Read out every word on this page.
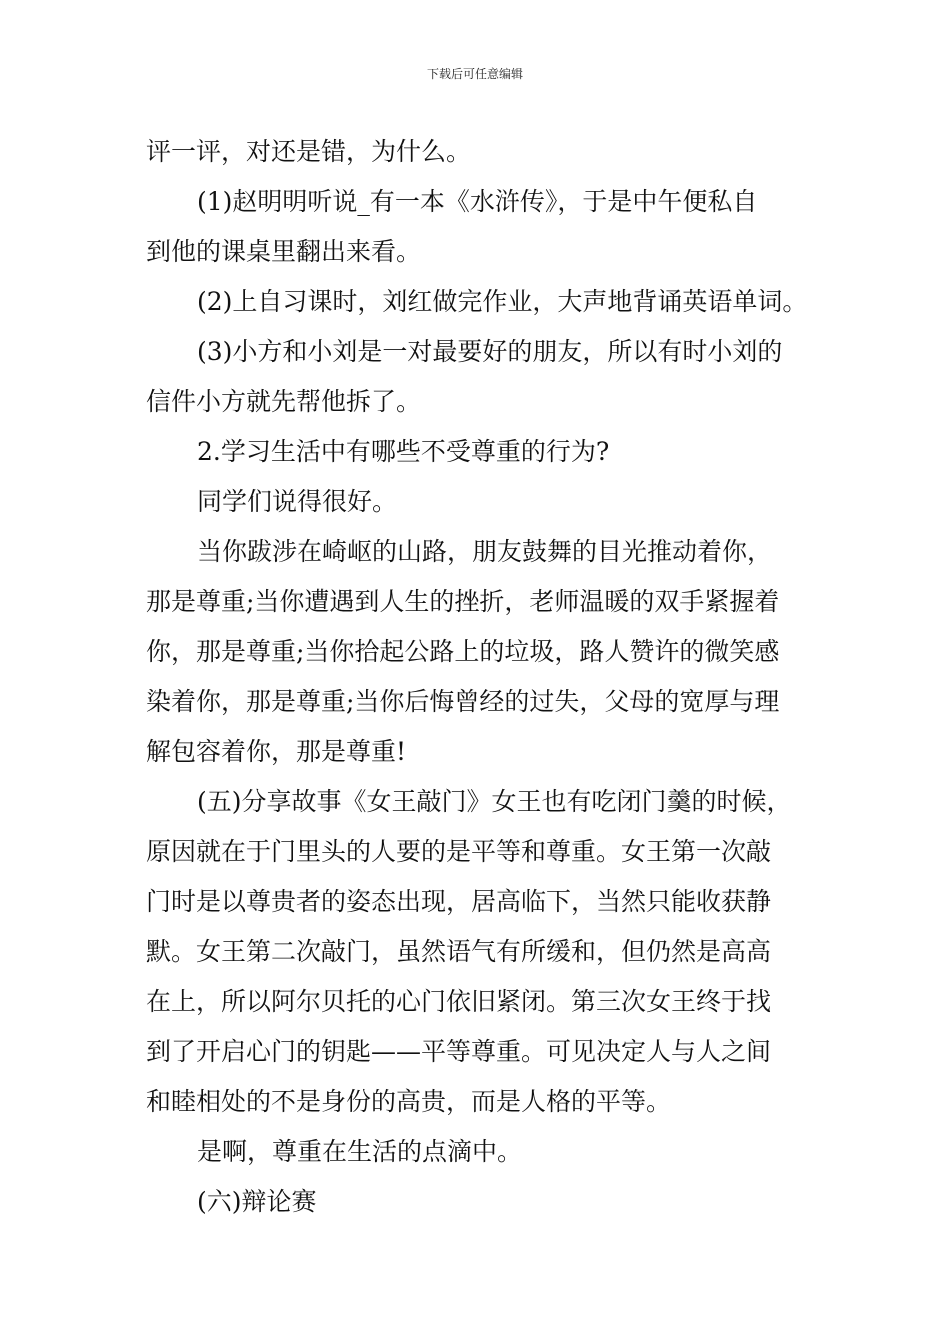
下载后可任意编辑
评一评，对还是错，为什么。
(1)赵明明听说_有一本《水浒传》，于是中午便私自
到他的课桌里翻出来看。
(2)上自习课时，刘红做完作业，大声地背诵英语单词。
(3)小方和小刘是一对最要好的朋友，所以有时小刘的
信件小方就先帮他拆了。
2.学习生活中有哪些不受尊重的行为?
同学们说得很好。
当你跋涉在崎岖的山路，朋友鼓舞的目光推动着你，
那是尊重;当你遭遇到人生的挫折，老师温暖的双手紧握着
你，那是尊重;当你拾起公路上的垃圾，路人赞许的微笑感
染着你，那是尊重;当你后悔曾经的过失，父母的宽厚与理
解包容着你，那是尊重!
(五)分享故事《女王敲门》女王也有吃闭门羹的时候，
原因就在于门里头的人要的是平等和尊重。女王第一次敲
门时是以尊贵者的姿态出现，居高临下，当然只能收获静
默。女王第二次敲门，虽然语气有所缓和，但仍然是高高
在上，所以阿尔贝托的心门依旧紧闭。第三次女王终于找
到了开启心门的钥匙——平等尊重。可见决定人与人之间
和睦相处的不是身份的高贵，而是人格的平等。
是啊，尊重在生活的点滴中。
(六)辩论赛
